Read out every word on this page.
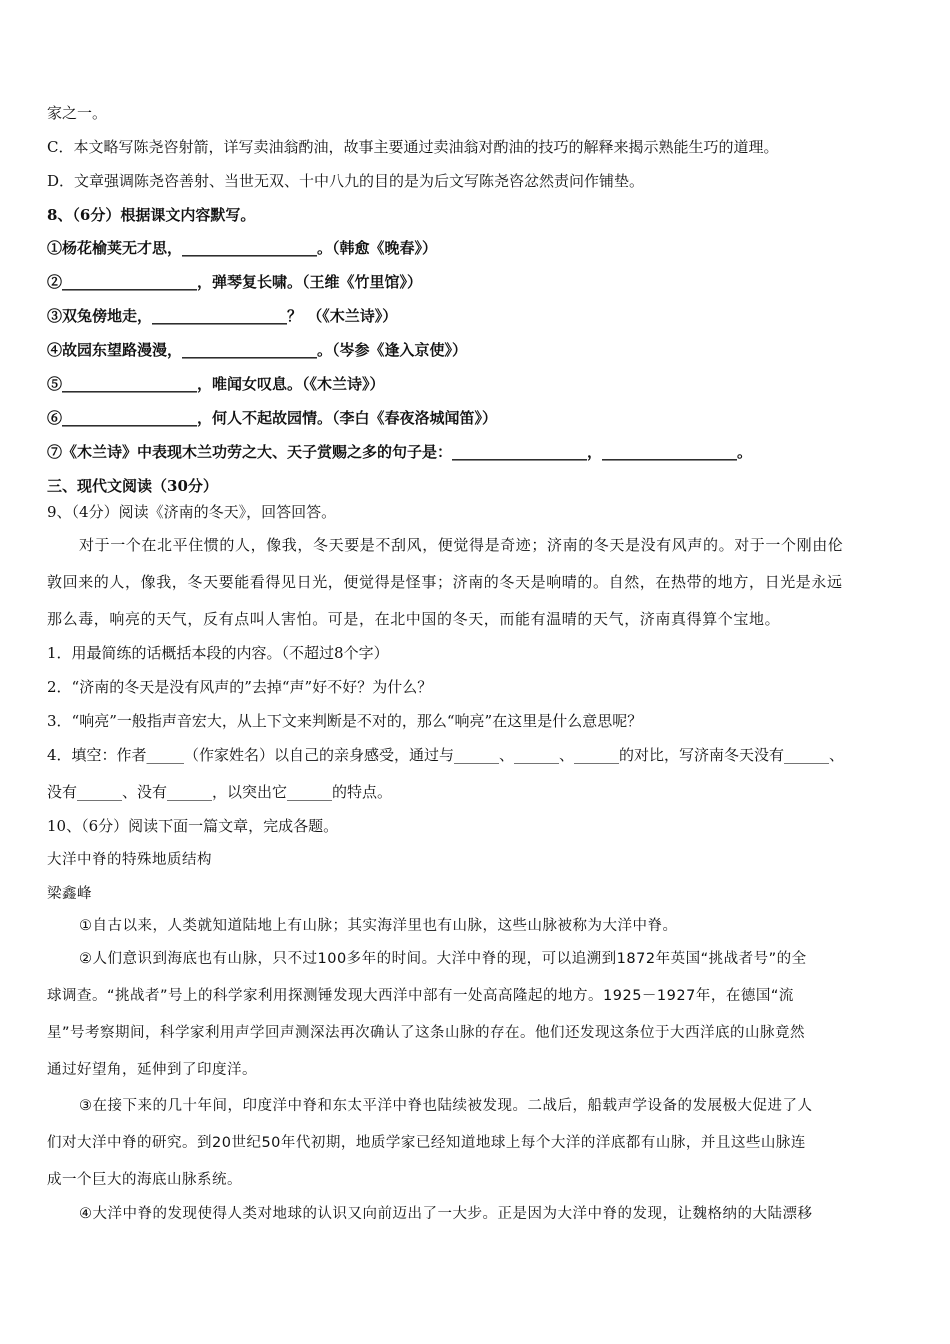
家之一。
C．本文略写陈尧咨射箭，详写卖油翁酌油，故事主要通过卖油翁对酌油的技巧的解释来揭示熟能生巧的道理。
D．文章强调陈尧咨善射、当世无双、十中八九的目的是为后文写陈尧咨忿然责问作铺垫。
8、（6分）根据课文内容默写。
①杨花榆荚无才思，__________________。（韩愈《晚春》）
②__________________，弹琴复长啸。（王维《竹里馆》）
③双兔傍地走，__________________？ （《木兰诗》）
④故园东望路漫漫，__________________。（岑参《逢入京使》）
⑤__________________，唯闻女叹息。（《木兰诗》）
⑥__________________，何人不起故园情。（李白《春夜洛城闻笛》）
⑦《木兰诗》中表现木兰功劳之大、天子赏赐之多的句子是：__________________，__________________。
三、现代文阅读（30分）
9、（4分）阅读《济南的冬天》，回答回答。
对于一个在北平住惯的人，像我，冬天要是不刮风，便觉得是奇迹；济南的冬天是没有风声的。对于一个刚由伦
敦回来的人，像我，冬天要能看得见日光，便觉得是怪事；济南的冬天是响晴的。自然，在热带的地方，日光是永远
那么毒，响亮的天气，反有点叫人害怕。可是，在北中国的冬天，而能有温晴的天气，济南真得算个宝地。
1．用最简练的话概括本段的内容。（不超过8个字）
2．“济南的冬天是没有风声的”去掉“声”好不好？为什么？
3．“响亮”一般指声音宏大，从上下文来判断是不对的，那么“响亮”在这里是什么意思呢？
4．填空：作者_____（作家姓名）以自己的亲身感受，通过与______、______、______的对比，写济南冬天没有______、
没有______、没有______，以突出它______的特点。
10、（6分）阅读下面一篇文章，完成各题。
大洋中脊的特殊地质结构
梁鑫峰
①自古以来，人类就知道陆地上有山脉；其实海洋里也有山脉，这些山脉被称为大洋中脊。
②人们意识到海底也有山脉，只不过100多年的时间。大洋中脊的现，可以追溯到1872年英国“挑战者号”的全
球调查。“挑战者”号上的科学家利用探测锤发现大西洋中部有一处高高隆起的地方。1925－1927年，在德国“流
星”号考察期间，科学家利用声学回声测深法再次确认了这条山脉的存在。他们还发现这条位于大西洋底的山脉竟然
通过好望角，延伸到了印度洋。
③在接下来的几十年间，印度洋中脊和东太平洋中脊也陆续被发现。二战后，船载声学设备的发展极大促进了人
们对大洋中脊的研究。到20世纪50年代初期，地质学家已经知道地球上每个大洋的洋底都有山脉，并且这些山脉连
成一个巨大的海底山脉系统。
④大洋中脊的发现使得人类对地球的认识又向前迈出了一大步。正是因为大洋中脊的发现，让魏格纳的大陆漂移
